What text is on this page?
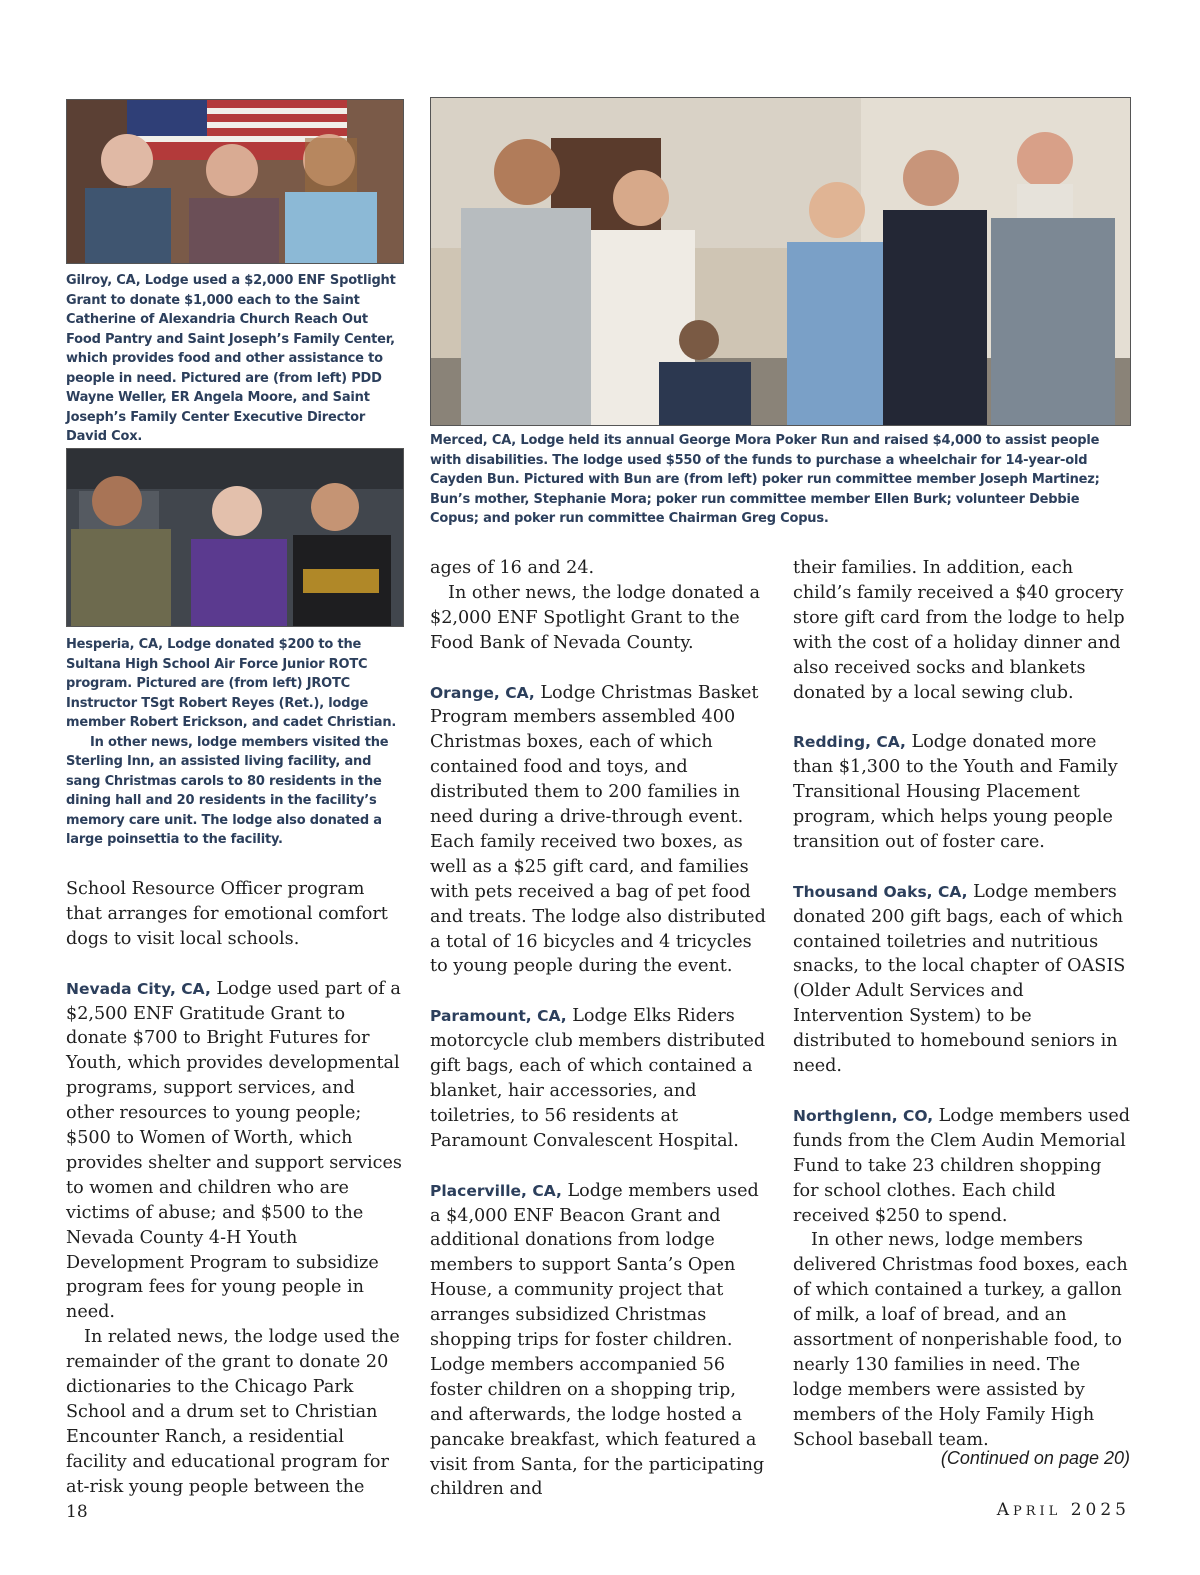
Gilroy, CA, Lodge used a $2,000 ENF Spotlight Grant to donate $1,000 each to the Saint Catherine of Alexandria Church Reach Out Food Pantry and Saint Joseph’s Family Center, which provides food and other assistance to people in need. Pictured are (from left) PDD Wayne Weller, ER Angela Moore, and Saint Joseph’s Family Center Executive Director David Cox.	Merced, CA, Lodge held its annual George Mora Poker Run and raised $4,000 to assist people with disabilities. The lodge used $550 of the funds to purchase a wheelchair for 14-year-old Cayden Bun. Pictured with Bun are (from left) poker run committee member Joseph Martinez; Bun’s mother, Stephanie Mora; poker run committee member Ellen Burk; volunteer Debbie Copus; and poker run committee Chairman Greg Copus.

Hesperia, CA, Lodge donated $200 to the Sultana High School Air Force Junior ROTC program. Pictured are (from left) JROTC Instructor TSgt Robert Reyes (Ret.), lodge member Robert Erickson, and cadet Christian.

In other news, lodge members visited the Sterling Inn, an assisted living facility, and sang Christmas carols to 80 residents in the dining hall and 20 residents in the facility’s memory care unit. The lodge also donated a large poinsettia to the facility.

School Resource Officer program that arranges for emotional comfort dogs to visit local schools.

Nevada City, CA, Lodge used part of a $2,500 ENF Gratitude Grant to donate $700 to Bright Futures for Youth, which provides developmental programs, support services, and other resources to young people; $500 to Women of Worth, which provides shelter and support services to women and children who are victims of abuse; and $500 to the Nevada County 4-H Youth Development Program to subsidize program fees for young people in need.

In related news, the lodge used the remainder of the grant to donate 20 dictionaries to the Chicago Park School and a drum set to Christian Encounter Ranch, a residential facility and educational program for at-risk young people between the

ages of 16 and 24.

In other news, the lodge donated a $2,000 ENF Spotlight Grant to the Food Bank of Nevada County.

Orange, CA, Lodge Christmas Basket Program members assembled 400 Christmas boxes, each of which contained food and toys, and distributed them to 200 families in need during a drive-through event. Each family received two boxes, as well as a $25 gift card, and families with pets received a bag of pet food and treats. The lodge also distributed a total of 16 bicycles and 4 tricycles to young people during the event.

Paramount, CA, Lodge Elks Riders motorcycle club members distributed gift bags, each of which contained a blanket, hair accessories, and toiletries, to 56 residents at Paramount Convalescent Hospital.

Placerville, CA, Lodge members used a $4,000 ENF Beacon Grant and additional donations from lodge members to support Santa’s Open House, a community project that arranges subsidized Christmas shopping trips for foster children. Lodge members accompanied 56 foster children on a shopping trip, and afterwards, the lodge hosted a pancake breakfast, which featured a visit from Santa, for the participating children and

their families. In addition, each child’s family received a $40 grocery store gift card from the lodge to help with the cost of a holiday dinner and also received socks and blankets donated by a local sewing club.

Redding, CA, Lodge donated more than $1,300 to the Youth and Family Transitional Housing Placement program, which helps young people transition out of foster care.

Thousand Oaks, CA, Lodge members donated 200 gift bags, each of which contained toiletries and nutritious snacks, to the local chapter of OASIS (Older Adult Services and Intervention System) to be distributed to homebound seniors in need.

Northglenn, CO, Lodge members used funds from the Clem Audin Memorial Fund to take 23 children shopping for school clothes. Each child received $250 to spend.

In other news, lodge members delivered Christmas food boxes, each of which contained a turkey, a gallon of milk, a loaf of bread, and an assortment of nonperishable food, to nearly 130 families in need. The lodge members were assisted by members of the Holy Family High School baseball team.

(Continued on page 20)
18	APRIL 2025
